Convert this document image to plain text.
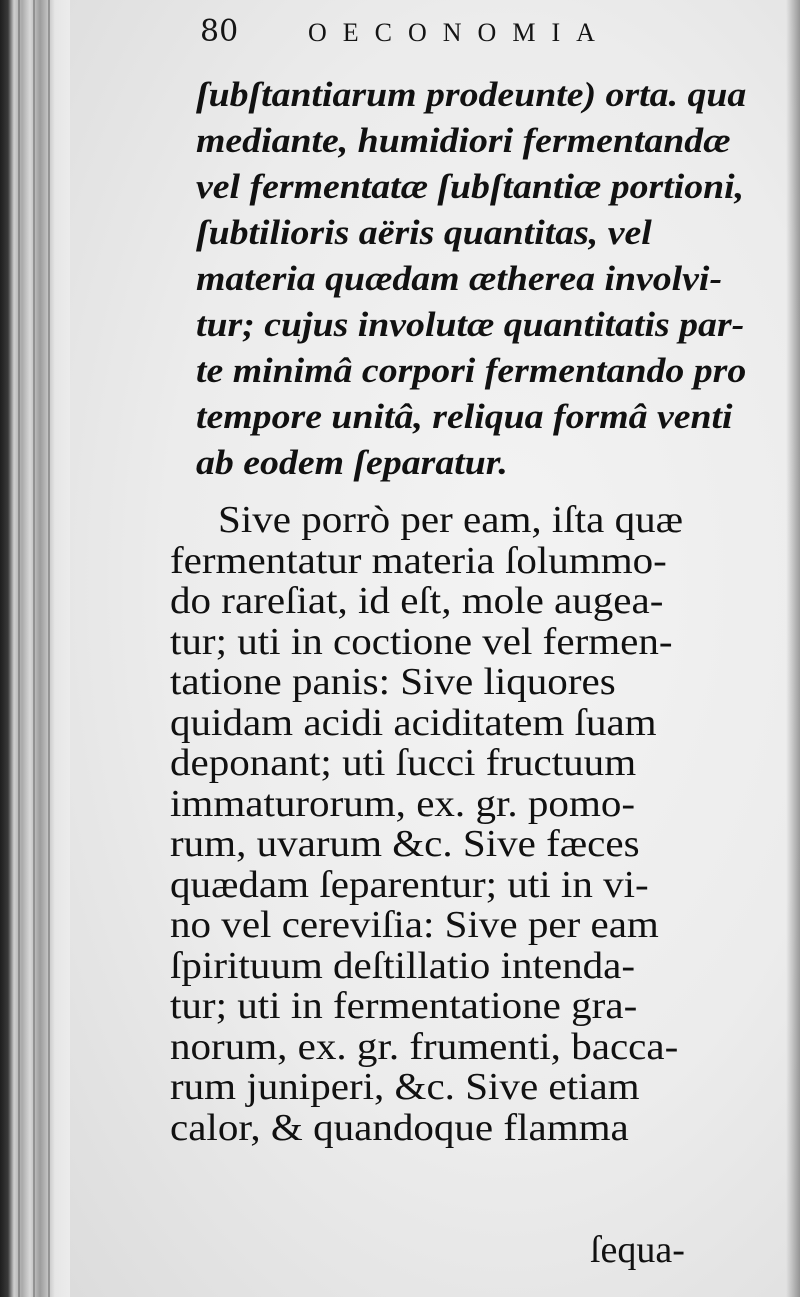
80	OECONOMIA

ſubſtantiarum prodeunte) orta. qua
mediante, humidiori fermentandæ
vel fermentatæ ſubſtantiæ portioni,
ſubtilioris aëris quantitas, vel
materia quædam ætherea involvi-
tur; cujus involutæ quantitatis par-
te minimâ corpori fermentando pro
tempore unitâ, reliqua formâ venti
ab eodem ſeparatur.

Sive porrò per eam, iſta quæ
fermentatur materia ſolummo-
do rareſiat, id eſt, mole augea-
tur; uti in coctione vel fermen-
tatione panis: Sive liquores
quidam acidi aciditatem ſuam
deponant; uti ſucci fructuum
immaturorum, ex. gr. pomo-
rum, uvarum &c. Sive fæces
quædam ſeparentur; uti in vi-
no vel cereviſia: Sive per eam
ſpirituum deſtillatio intenda-
tur; uti in fermentatione gra-
norum, ex. gr. frumenti, bacca-
rum juniperi, &c. Sive etiam
calor, & quandoque flamma

ſequa-
